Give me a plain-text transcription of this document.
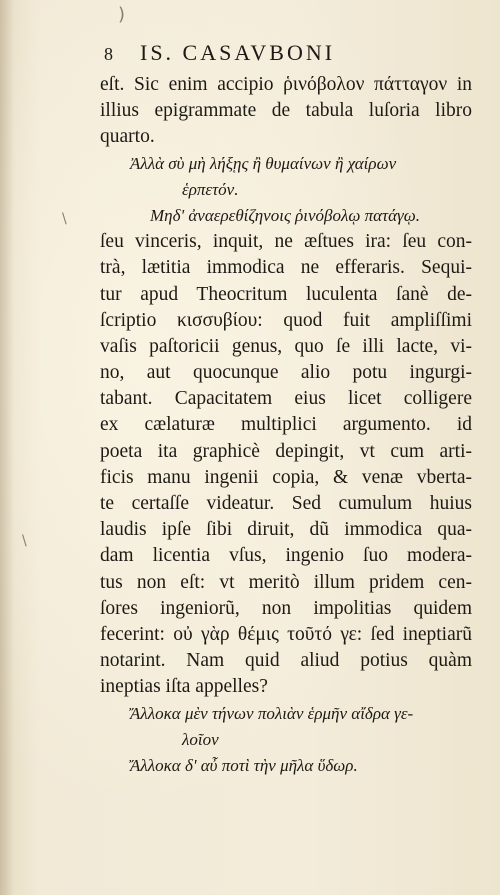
)
\
\
8	IS. CASAVBONI
eſt. Sic enim accipio ῥινόβολον πάτταγον in
illius epigrammate de tabula luſoria libro
quarto.
Ἀλλὰ σὺ μὴ λήξῃς ἢ θυμαίνων ἢ χαίρων
ἑρπετόν.
Μηδ' ἀναερεθίζηνοις ῥινόβολῳ πατάγῳ.
ſeu vinceris, inquit, ne æſtues ira: ſeu con-
trà, lætitia immodica ne efferaris. Sequi-
tur apud Theocritum luculenta ſanè de-
ſcriptio κισσυβίου: quod fuit ampliſſimi
vaſis paſtoricii genus, quo ſe illi lacte, vi-
no, aut quocunque alio potu ingurgi-
tabant. Capacitatem eius licet colligere
ex cælaturæ multiplici argumento. id
poeta ita graphicè depingit, vt cum arti-
ficis manu ingenii copia, & venæ vberta-
te certaſſe videatur. Sed cumulum huius
laudis ipſe ſibi diruit, dũ immodica qua-
dam licentia vſus, ingenio ſuo modera-
tus non eſt: vt meritò illum pridem cen-
ſores ingeniorũ, non impolitias quidem
fecerint: οὐ γὰρ θέμις τοῦτό γε: ſed ineptiarũ
notarint. Nam quid aliud potius quàm
ineptias iſta appelles?
Ἄλλοκα μὲν τήνων πολιὰν ἑρμῆν αἴδρα γε-
λοῖον
Ἄλλοκα δ' αὖ ποτὶ τὴν μῆλα ὕδωρ.
